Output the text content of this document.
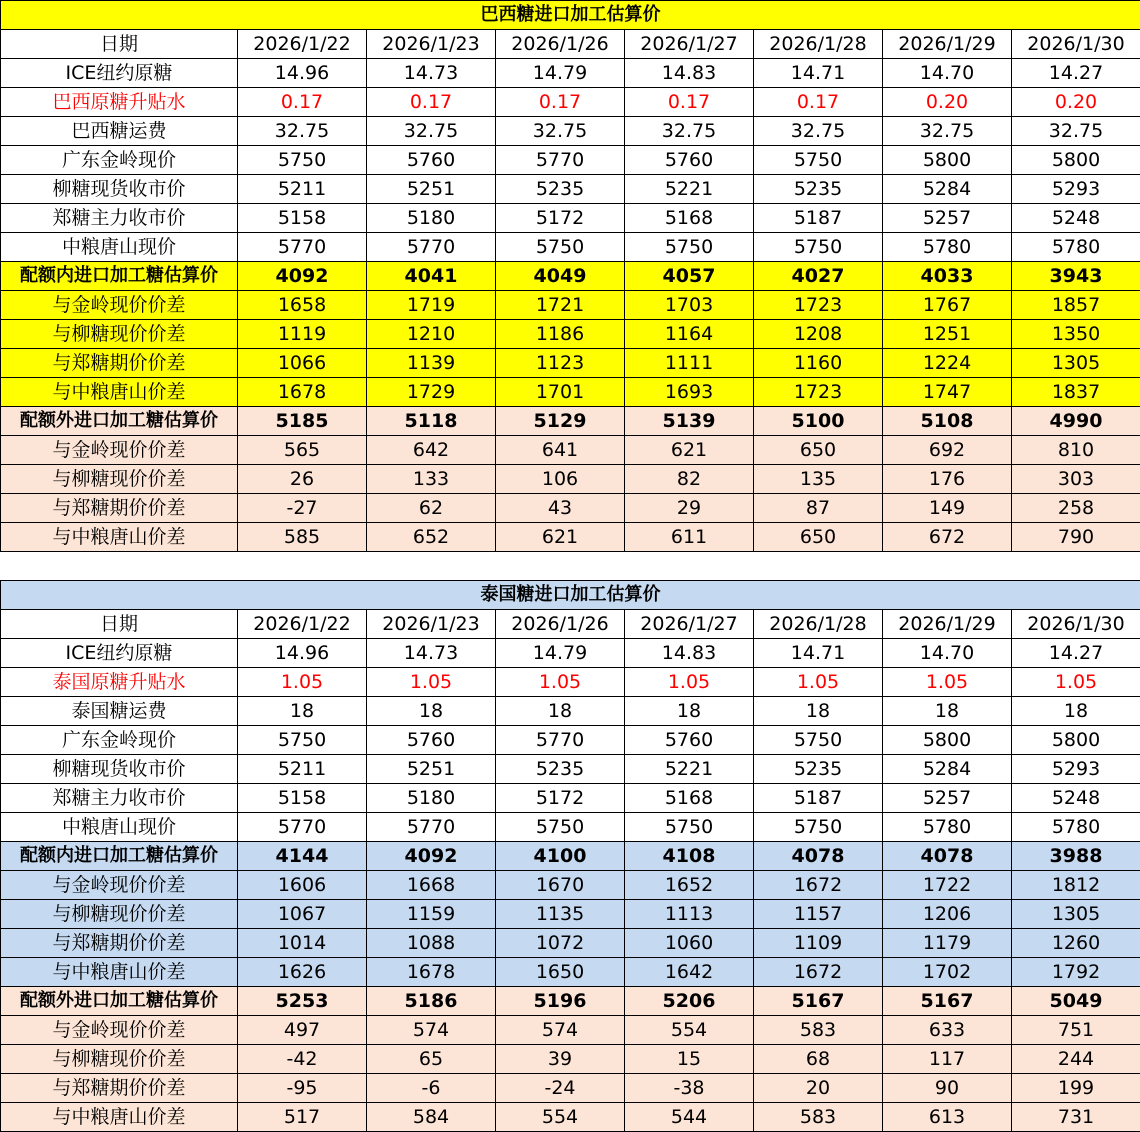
巴西糖进口加工估算价							
日期	2026/1/22	2026/1/23	2026/1/26	2026/1/27	2026/1/28	2026/1/29	2026/1/30
ICE纽约原糖	14.96	14.73	14.79	14.83	14.71	14.70	14.27
巴西原糖升贴水	0.17	0.17	0.17	0.17	0.17	0.20	0.20
巴西糖运费	32.75	32.75	32.75	32.75	32.75	32.75	32.75
广东金岭现价	5750	5760	5770	5760	5750	5800	5800
柳糖现货收市价	5211	5251	5235	5221	5235	5284	5293
郑糖主力收市价	5158	5180	5172	5168	5187	5257	5248
中粮唐山现价	5770	5770	5750	5750	5750	5780	5780
配额内进口加工糖估算价	4092	4041	4049	4057	4027	4033	3943
与金岭现价价差	1658	1719	1721	1703	1723	1767	1857
与柳糖现价价差	1119	1210	1186	1164	1208	1251	1350
与郑糖期价价差	1066	1139	1123	1111	1160	1224	1305
与中粮唐山价差	1678	1729	1701	1693	1723	1747	1837
配额外进口加工糖估算价	5185	5118	5129	5139	5100	5108	4990
与金岭现价价差	565	642	641	621	650	692	810
与柳糖现价价差	26	133	106	82	135	176	303
与郑糖期价价差	-27	62	43	29	87	149	258
与中粮唐山价差	585	652	621	611	650	672	790
泰国糖进口加工估算价							
日期	2026/1/22	2026/1/23	2026/1/26	2026/1/27	2026/1/28	2026/1/29	2026/1/30
ICE纽约原糖	14.96	14.73	14.79	14.83	14.71	14.70	14.27
泰国原糖升贴水	1.05	1.05	1.05	1.05	1.05	1.05	1.05
泰国糖运费	18	18	18	18	18	18	18
广东金岭现价	5750	5760	5770	5760	5750	5800	5800
柳糖现货收市价	5211	5251	5235	5221	5235	5284	5293
郑糖主力收市价	5158	5180	5172	5168	5187	5257	5248
中粮唐山现价	5770	5770	5750	5750	5750	5780	5780
配额内进口加工糖估算价	4144	4092	4100	4108	4078	4078	3988
与金岭现价价差	1606	1668	1670	1652	1672	1722	1812
与柳糖现价价差	1067	1159	1135	1113	1157	1206	1305
与郑糖期价价差	1014	1088	1072	1060	1109	1179	1260
与中粮唐山价差	1626	1678	1650	1642	1672	1702	1792
配额外进口加工糖估算价	5253	5186	5196	5206	5167	5167	5049
与金岭现价价差	497	574	574	554	583	633	751
与柳糖现价价差	-42	65	39	15	68	117	244
与郑糖期价价差	-95	-6	-24	-38	20	90	199
与中粮唐山价差	517	584	554	544	583	613	731
